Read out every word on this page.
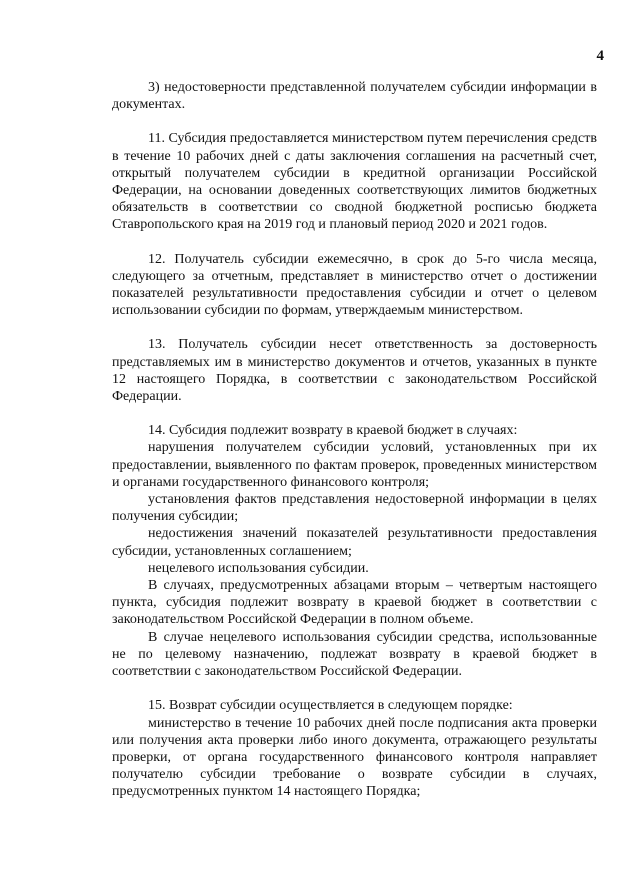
4

3) недостоверности представленной получателем субсидии информации в документах.

11. Субсидия предоставляется министерством путем перечисления средств в течение 10 рабочих дней с даты заключения соглашения на расчетный счет, открытый получателем субсидии в кредитной организации Российской Федерации, на основании доведенных соответствующих лимитов бюджетных обязательств в соответствии со сводной бюджетной росписью бюджета Ставропольского края на 2019 год и плановый период 2020 и 2021 годов.

12. Получатель субсидии ежемесячно, в срок до 5-го числа месяца, следующего за отчетным, представляет в министерство отчет о достижении показателей результативности предоставления субсидии и отчет о целевом использовании субсидии по формам, утверждаемым министерством.

13. Получатель субсидии несет ответственность за достоверность представляемых им в министерство документов и отчетов, указанных в пункте 12 настоящего Порядка, в соответствии с законодательством Российской Федерации.

14. Субсидия подлежит возврату в краевой бюджет в случаях:

нарушения получателем субсидии условий, установленных при их предоставлении, выявленного по фактам проверок, проведенных министерством и органами государственного финансового контроля;

установления фактов представления недостоверной информации в целях получения субсидии;

недостижения значений показателей результативности предоставления субсидии, установленных соглашением;

нецелевого использования субсидии.

В случаях, предусмотренных абзацами вторым – четвертым настоящего пункта, субсидия подлежит возврату в краевой бюджет в соответствии с законодательством Российской Федерации в полном объеме.

В случае нецелевого использования субсидии средства, использованные не по целевому назначению, подлежат возврату в краевой бюджет в соответствии с законодательством Российской Федерации.

15. Возврат субсидии осуществляется в следующем порядке:

министерство в течение 10 рабочих дней после подписания акта проверки или получения акта проверки либо иного документа, отражающего результаты проверки, от органа государственного финансового контроля направляет получателю субсидии требование о возврате субсидии в случаях, предусмотренных пунктом 14 настоящего Порядка;
